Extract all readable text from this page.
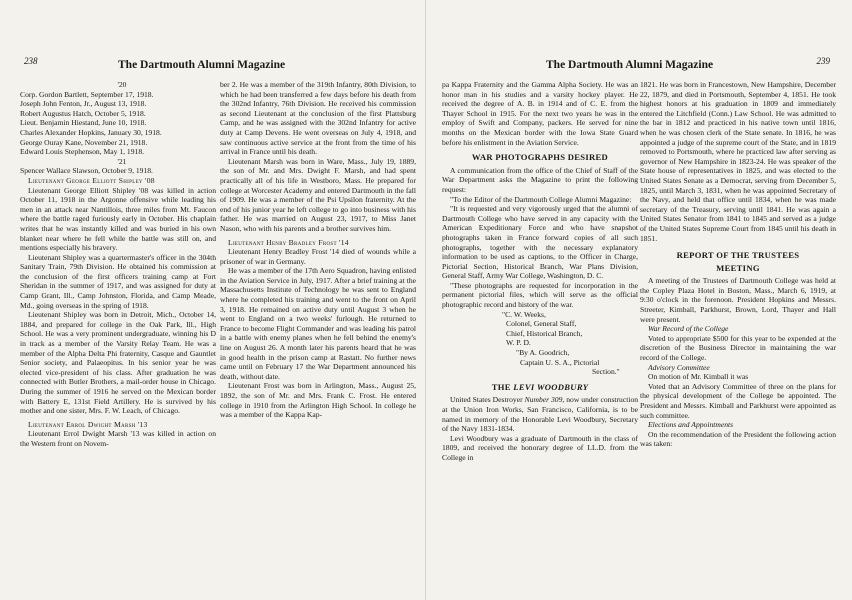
238	The Dartmouth Alumni Magazine

'20

Corp. Gordon Bartlett, September 17, 1918.

Joseph John Fenton, Jr., August 13, 1918.

Robert Augustus Hatch, October 5, 1918.

Lieut. Benjamin Hiestand, June 10, 1918.

Charles Alexander Hopkins, January 30, 1918.

George Ouray Kane, November 21, 1918.

Edward Louis Stephenson, May 1, 1918.

'21

Spencer Wallace Slawson, October 9, 1918.

Lieutenant George Elliott Shipley '08

Lieutenant George Elliott Shipley '08 was killed in action October 11, 1918 in the Argonne offensive while leading his men in an attack near Nantillois, three miles from Mt. Faucon where the battle raged furiously early in October. His chaplain writes that he was instantly killed and was buried in his own blanket near where he fell while the battle was still on, and mentions especially his bravery.

Lieutenant Shipley was a quartermaster's officer in the 304th Sanitary Train, 79th Division. He obtained his commission at the conclusion of the first officers training camp at Fort Sheridan in the summer of 1917, and was assigned for duty at Camp Grant, Ill., Camp Johnston, Florida, and Camp Meade, Md., going overseas in the spring of 1918.

Lieutenant Shipley was born in Detroit, Mich., October 14, 1884, and prepared for college in the Oak Park, Ill., High School. He was a very prominent undergraduate, winning his D in track as a member of the Varsity Relay Team. He was a member of the Alpha Delta Phi fraternity, Casque and Gauntlet Senior society, and Palaeopitus. In his senior year he was elected vice-president of his class. After graduation he was connected with Butler Brothers, a mail-order house in Chicago. During the summer of 1916 he served on the Mexican border with Battery E, 131st Field Artillery. He is survived by his mother and one sister, Mrs. F. W. Leach, of Chicago.

Lieutenant Errol Dwight Marsh '13

Lieutenant Errol Dwight Marsh '13 was killed in action on the Western front on Novem-

ber 2. He was a member of the 319th Infantry, 80th Division, to which he had been transferred a few days before his death from the 302nd Infantry, 76th Division. He received his commission as second Lieutenant at the conclusion of the first Plattsburg Camp, and he was assigned with the 302nd Infantry for active duty at Camp Devens. He went overseas on July 4, 1918, and saw continuous active service at the front from the time of his arrival in France until his death.

Lieutenant Marsh was born in Ware, Mass., July 19, 1889, the son of Mr. and Mrs. Dwight F. Marsh, and had spent practically all of his life in Westboro, Mass. He prepared for college at Worcester Academy and entered Dartmouth in the fall of 1909. He was a member of the Psi Upsilon fraternity. At the end of his junior year he left college to go into business with his father. He was married on August 23, 1917, to Miss Janet Nason, who with his parents and a brother survives him.

Lieutenant Henry Bradley Frost '14

Lieutenant Henry Bradley Frost '14 died of wounds while a prisoner of war in Germany.

He was a member of the 17th Aero Squadron, having enlisted in the Aviation Service in July, 1917. After a brief training at the Massachusetts Institute of Technology he was sent to England where he completed his training and went to the front on April 3, 1918. He remained on active duty until August 3 when he went to England on a two weeks' furlough. He returned to France to become Flight Commander and was leading his patrol in a battle with enemy planes when he fell behind the enemy's line on August 26. A month later his parents heard that he was in good health in the prison camp at Rastatt. No further news came until on February 17 the War Department announced his death, without date.

Lieutenant Frost was born in Arlington, Mass., August 25, 1892, the son of Mr. and Mrs. Frank C. Frost. He entered college in 1910 from the Arlington High School. In college he was a member of the Kappa Kap-

239
The Dartmouth Alumni Magazine

pa Kappa Fraternity and the Gamma Alpha Society. He was an honor man in his studies and a varsity hockey player. He received the degree of A. B. in 1914 and of C. E. from the Thayer School in 1915. For the next two years he was in the employ of Swift and Company, packers. He served for nine months on the Mexican border with the Iowa State Guard before his enlistment in the Aviation Service.

WAR PHOTOGRAPHS DESIRED

A communication from the office of the Chief of Staff of the War Department asks the Magazine to print the following request:

"To the Editor of the Dartmouth College Alumni Magazine:

"It is requested and very vigorously urged that the alumni of Dartmouth College who have served in any capacity with the American Expeditionary Force and who have snapshot photographs taken in France forward copies of all such photographs, together with the necessary explanatory information to be used as captions, to the Officer in Charge, Pictorial Section, Historical Branch, War Plans Division, General Staff, Army War College, Washington, D. C.

"These photographs are requested for incorporation in the permanent pictorial files, which will serve as the official photographic record and history of the war.

"C. W. Weeks,

Colonel, General Staff,

Chief, Historical Branch,

W. P. D.

"By A. Goodrich,

Captain U. S. A., Pictorial

Section."

THE LEVI WOODBURY

United States Destroyer Number 309, now under construction at the Union Iron Works, San Francisco, California, is to be named in memory of the Honorable Levi Woodbury, Secretary of the Navy 1831-1834.

Levi Woodbury was a graduate of Dartmouth in the class of 1809, and received the honorary degree of LL.D. from the College in

1821. He was born in Francestown, New Hampshire, December 22, 1879, and died in Portsmouth, September 4, 1851. He took highest honors at his graduation in 1809 and immediately entered the Litchfield (Conn.) Law School. He was admitted to the bar in 1812 and practiced in his native town until 1816, when he was chosen clerk of the State senate. In 1816, he was appointed a judge of the supreme court of the State, and in 1819 removed to Portsmouth, where he practiced law after serving as governor of New Hampshire in 1823-24. He was speaker of the State house of representatives in 1825, and was elected to the United States Senate as a Democrat, serving from December 5, 1825, until March 3, 1831, when he was appointed Secretary of the Navy, and held that office until 1834, when he was made secretary of the Treasury, serving until 1841. He was again a United States Senator from 1841 to 1845 and served as a judge of the United States Supreme Court from 1845 until his death in 1851.

REPORT OF THE TRUSTEES
MEETING

A meeting of the Trustees of Dartmouth College was held at the Copley Plaza Hotel in Boston, Mass., March 6, 1919, at 9:30 o'clock in the forenoon. President Hopkins and Messrs. Streeter, Kimball, Parkhurst, Brown, Lord, Thayer and Hall were present.

War Record of the College

Voted to appropriate $500 for this year to be expended at the discretion of the Business Director in maintaining the war record of the College.

Advisory Committee

On motion of Mr. Kimball it was

Voted that an Advisory Committee of three on the plans for the physical development of the College be appointed. The President and Messrs. Kimball and Parkhurst were appointed as such committee.

Elections and Appointments

On the recommendation of the President the following action was taken:
